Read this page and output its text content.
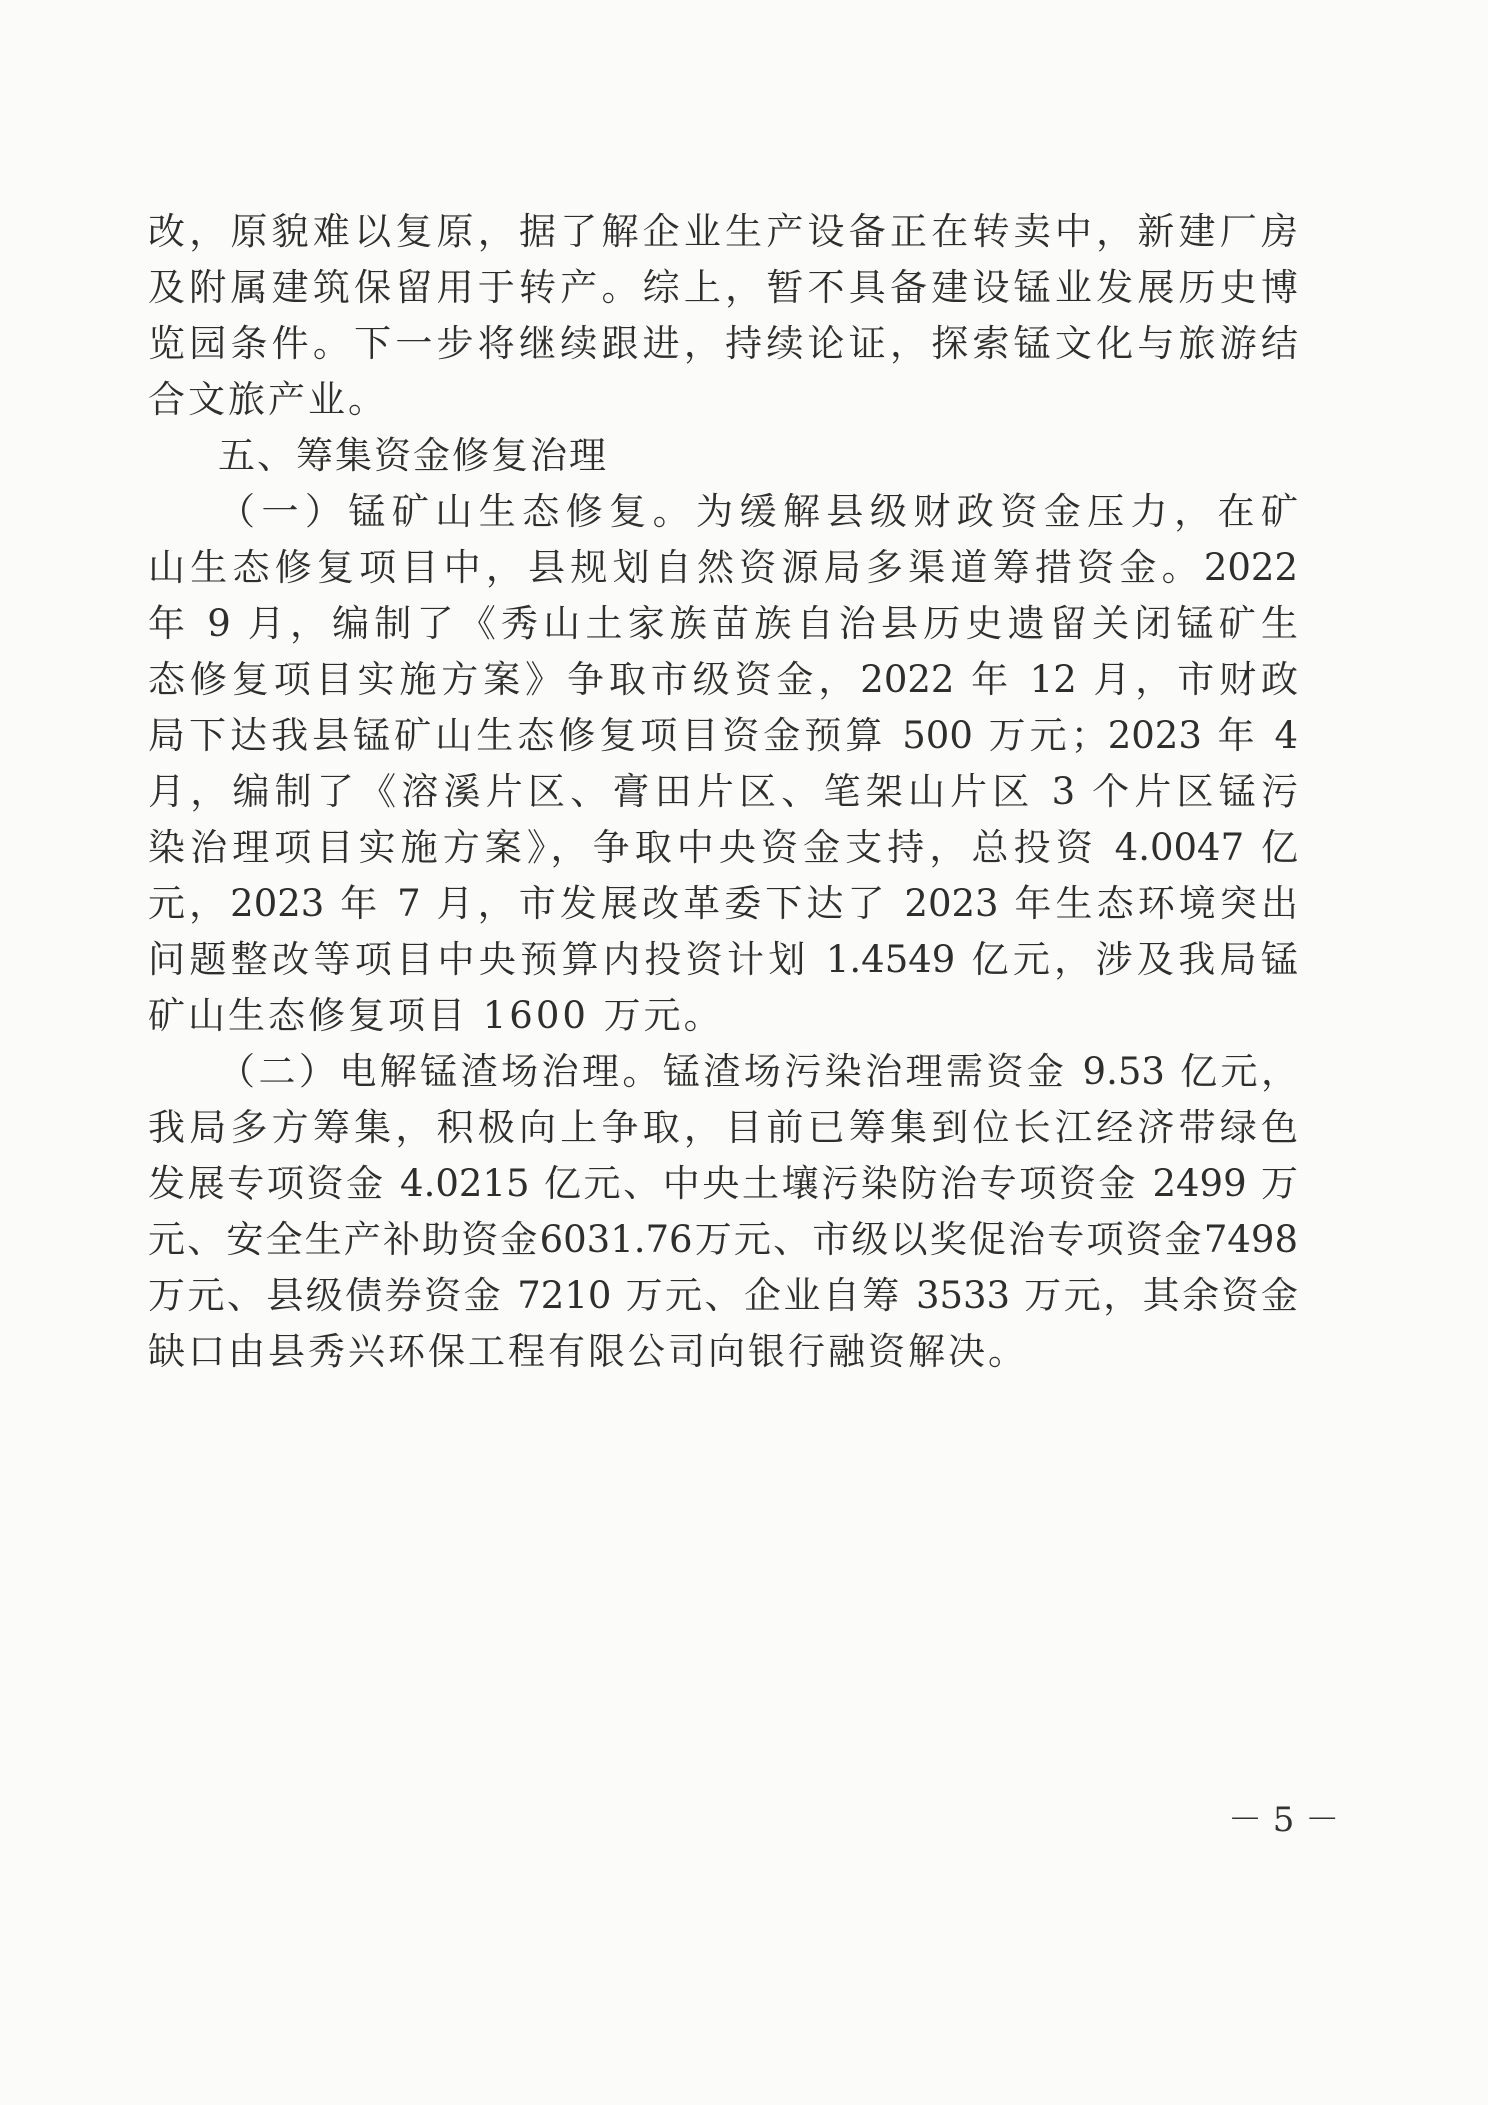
改，原貌难以复原，据了解企业生产设备正在转卖中，新建厂房
及附属建筑保留用于转产。综上，暂不具备建设锰业发展历史博
览园条件。下一步将继续跟进，持续论证，探索锰文化与旅游结
合文旅产业。
五、筹集资金修复治理
（一）锰矿山生态修复。为缓解县级财政资金压力，在矿
山生态修复项目中，县规划自然资源局多渠道筹措资金。2022
年 9 月，编制了《秀山土家族苗族自治县历史遗留关闭锰矿生
态修复项目实施方案》争取市级资金，2022 年 12 月，市财政
局下达我县锰矿山生态修复项目资金预算 500 万元；2023 年 4
月，编制了《溶溪片区、膏田片区、笔架山片区 3 个片区锰污
染治理项目实施方案》，争取中央资金支持，总投资 4.0047 亿
元，2023 年 7 月，市发展改革委下达了 2023 年生态环境突出
问题整改等项目中央预算内投资计划 1.4549 亿元，涉及我局锰
矿山生态修复项目 1600 万元。
（二）电解锰渣场治理。锰渣场污染治理需资金 9.53 亿元，
我局多方筹集，积极向上争取，目前已筹集到位长江经济带绿色
发展专项资金 4.0215 亿元、中央土壤污染防治专项资金 2499 万
元、安全生产补助资金6031.76万元、市级以奖促治专项资金7498
万元、县级债券资金 7210 万元、企业自筹 3533 万元，其余资金
缺口由县秀兴环保工程有限公司向银行融资解决。
－ 5 －
